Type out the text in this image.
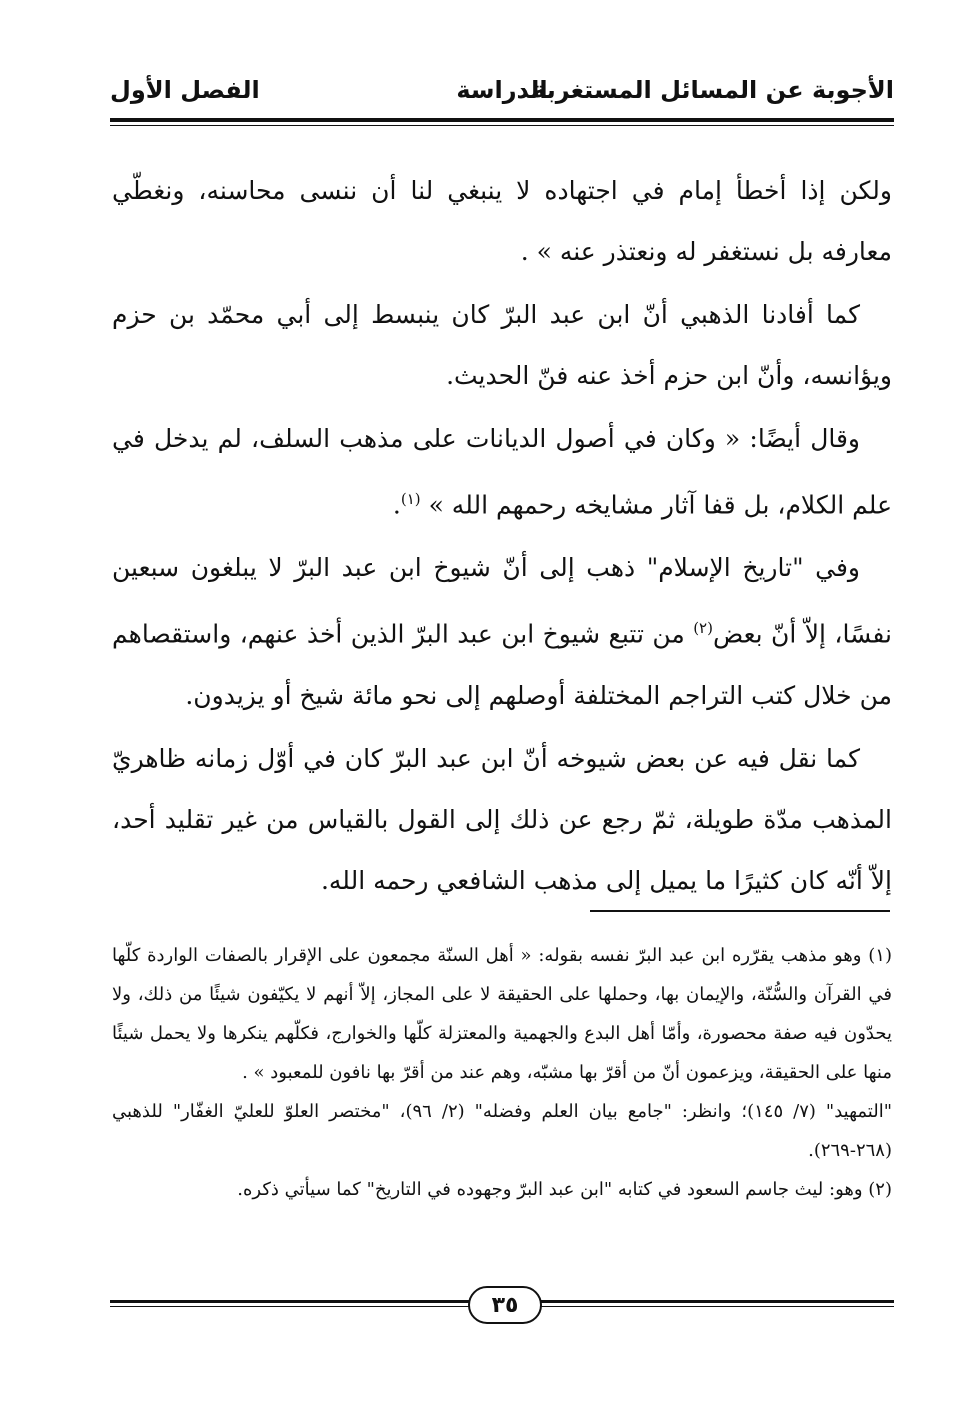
الأجوبة عن المسائل المستغربة
الدراسة
الفصل الأول

ولكن إذا أخطأ إمام في اجتهاده لا ينبغي لنا أن ننسى محاسنه، ونغطّي معارفه بل نستغفر له ونعتذر عنه » .

كما أفادنا الذهبي أنّ ابن عبد البرّ كان ينبسط إلى أبي محمّد بن حزم ويؤانسه، وأنّ ابن حزم أخذ عنه فنّ الحديث.

وقال أيضًا: « وكان في أصول الديانات على مذهب السلف، لم يدخل في علم الكلام، بل قفا آثار مشايخه رحمهم الله » $^{(١)}$.

وفي "تاريخ الإسلام" ذهب إلى أنّ شيوخ ابن عبد البرّ لا يبلغون سبعين نفسًا، إلاّ أنّ بعض$^{(٢)}$ من تتبع شيوخ ابن عبد البرّ الذين أخذ عنهم، واستقصاهم من خلال كتب التراجم المختلفة أوصلهم إلى نحو مائة شيخ أو يزيدون.

كما نقل فيه عن بعض شيوخه أنّ ابن عبد البرّ كان في أوّل زمانه ظاهريّ المذهب مدّة طويلة، ثمّ رجع عن ذلك إلى القول بالقياس من غير تقليد أحد، إلاّ أنّه كان كثيرًا ما يميل إلى مذهب الشافعي رحمه الله.

(١) وهو مذهب يقرّره ابن عبد البرّ نفسه بقوله: « أهل السنّة مجمعون على الإقرار بالصفات الواردة كلّها في القرآن والسُّنّة، والإيمان بها، وحملها على الحقيقة لا على المجاز، إلاّ أنهم لا يكيّفون شيئًا من ذلك، ولا يحدّون فيه صفة محصورة، وأمّا أهل البدع والجهمية والمعتزلة كلّها والخوارج، فكلّهم ينكرها ولا يحمل شيئًا منها على الحقيقة، ويزعمون أنّ من أقرّ بها مشبّه، وهم عند من أقرّ بها نافون للمعبود » .

"التمهيد" (٧/ ١٤٥)؛ وانظر: "جامع بيان العلم وفضله" (٢/ ٩٦)، "مختصر العلوّ للعليّ الغفّار" للذهبي (٢٦٨-٢٦٩).

(٢) وهو: ليث جاسم السعود في كتابه "ابن عبد البرّ وجهوده في التاريخ" كما سيأتي ذكره.

٣٥
